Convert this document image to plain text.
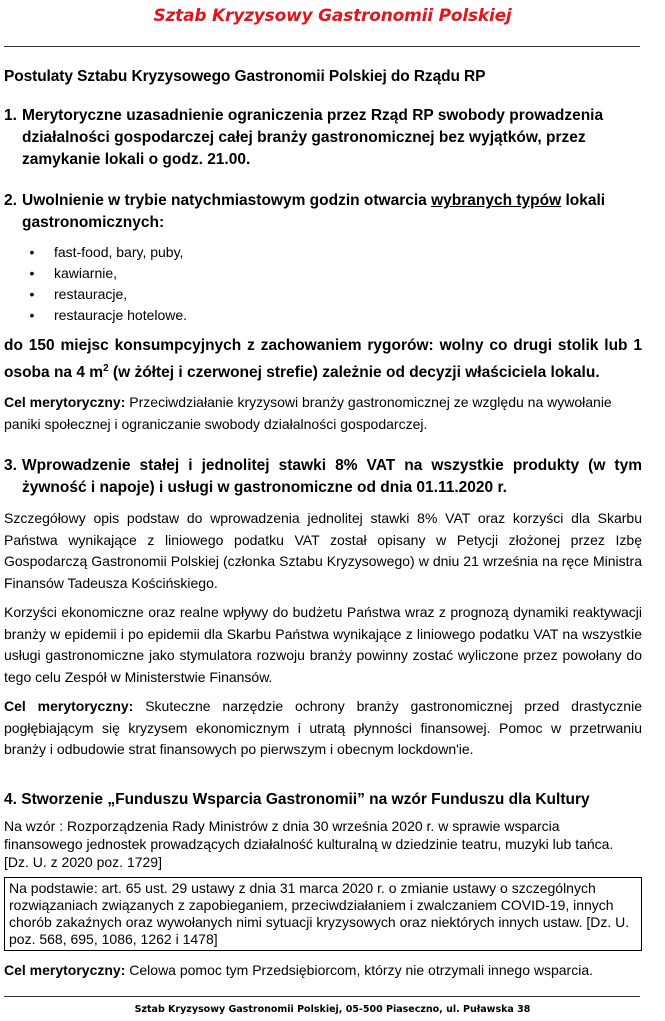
Sztab Kryzysowy Gastronomii Polskiej

Postulaty Sztabu Kryzysowego Gastronomii Polskiej do Rządu RP

1. Merytoryczne uzasadnienie ograniczenia przez Rząd RP swobody prowadzenia działalności gospodarczej całej branży gastronomicznej bez wyjątków, przez zamykanie lokali o godz. 21.00.
2. Uwolnienie w trybie natychmiastowym godzin otwarcia wybranych typów lokali gastronomicznych:
•	fast-food, bary, puby,
•	kawiarnie,
•	restauracje,
•	restauracje hotelowe.

do 150 miejsc konsumpcyjnych z zachowaniem rygorów: wolny co drugi stolik lub 1 osoba na 4 $m^2$ (w żółtej i czerwonej strefie) zależnie od decyzji właściciela lokalu.

Cel merytoryczny: Przeciwdziałanie kryzysowi branży gastronomicznej ze względu na wywołanie paniki społecznej i ograniczanie swobody działalności gospodarczej.

3. Wprowadzenie stałej i jednolitej stawki 8% VAT na wszystkie produkty (w tym żywność i napoje) i usługi w gastronomiczne od dnia 01.11.2020 r.

Szczegółowy opis podstaw do wprowadzenia jednolitej stawki 8% VAT oraz korzyści dla Skarbu Państwa wynikające z liniowego podatku VAT został opisany w Petycji złożonej przez Izbę Gospodarczą Gastronomii Polskiej (członka Sztabu Kryzysowego) w dniu 21 września na ręce Ministra Finansów Tadeusza Kościńskiego.

Korzyści ekonomiczne oraz realne wpływy do budżetu Państwa wraz z prognozą dynamiki reaktywacji branży w epidemii i po epidemii dla Skarbu Państwa wynikające z liniowego podatku VAT na wszystkie usługi gastronomiczne jako stymulatora rozwoju branży powinny zostać wyliczone przez powołany do tego celu Zespół w Ministerstwie Finansów.

Cel merytoryczny: Skuteczne narzędzie ochrony branży gastronomicznej przed drastycznie pogłębiającym się kryzysem ekonomicznym i utratą płynności finansowej. Pomoc w przetrwaniu branży i odbudowie strat finansowych po pierwszym i obecnym lockdown'ie.

4. Stworzenie „Funduszu Wsparcia Gastronomii” na wzór Funduszu dla Kultury

Na wzór : Rozporządzenia Rady Ministrów z dnia 30 września 2020 r. w sprawie wsparcia finansowego jednostek prowadzących działalność kulturalną w dziedzinie teatru, muzyki lub tańca. [Dz. U. z 2020 poz. 1729]

Na podstawie: art. 65 ust. 29 ustawy z dnia 31 marca 2020 r. o zmianie ustawy o szczególnych rozwiązaniach związanych z zapobieganiem, przeciwdziałaniem i zwalczaniem COVID-19, innych chorób zakaźnych oraz wywołanych nimi sytuacji kryzysowych oraz niektórych innych ustaw. [Dz. U. poz. 568, 695, 1086, 1262 i 1478]

Cel merytoryczny: Celowa pomoc tym Przedsiębiorcom, którzy nie otrzymali innego wsparcia.

Sztab Kryzysowy Gastronomii Polskiej, 05-500 Piaseczno, ul. Puławska 38
